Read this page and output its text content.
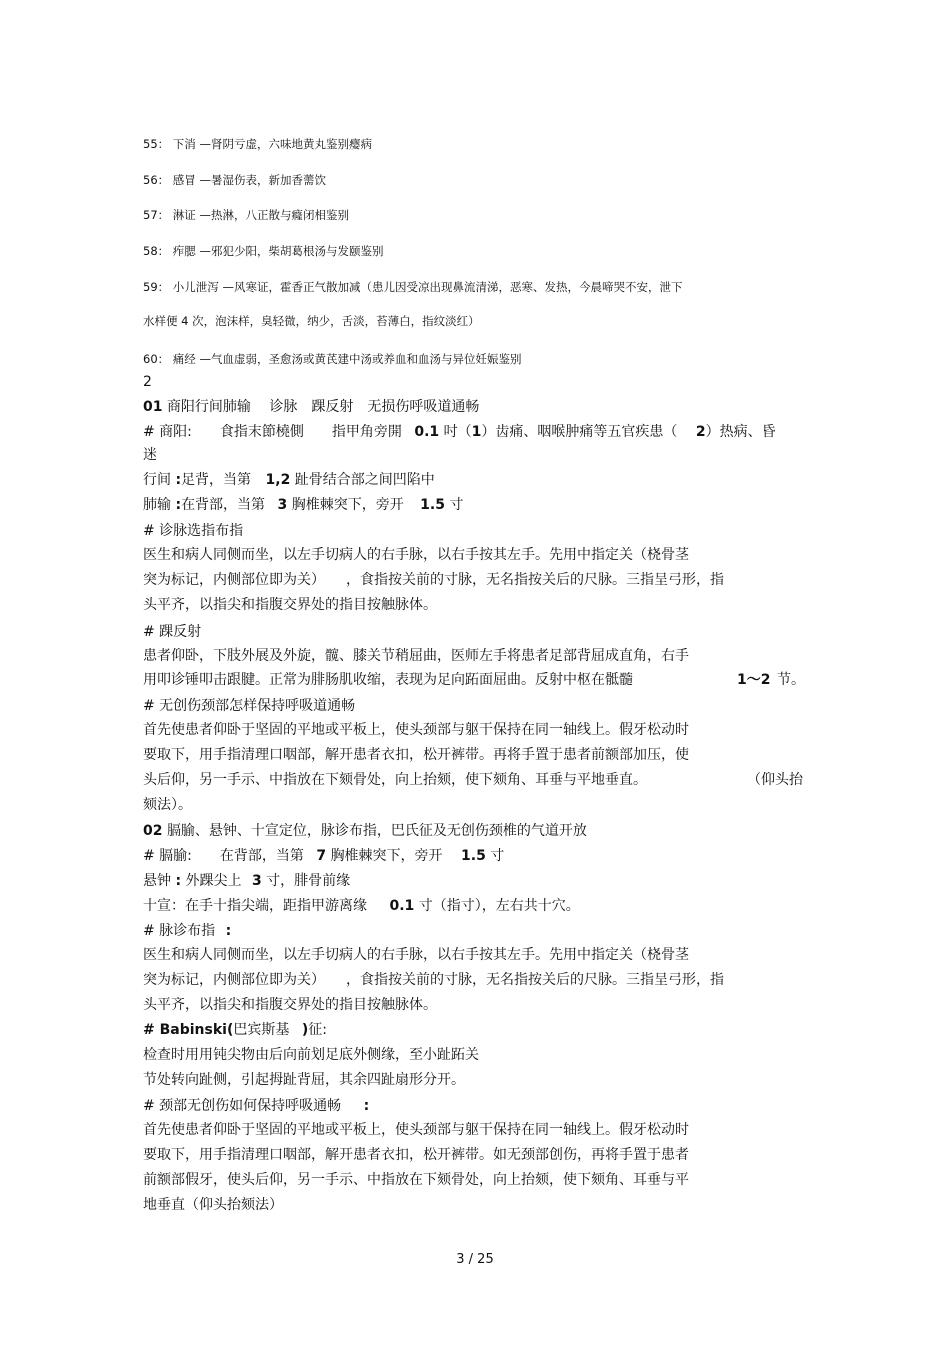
55： 下消 —肾阴亏虚，六味地黄丸鉴别瘿病
56： 感冒 —暑湿伤表，新加香薷饮
57： 淋证 —热淋，八正散与癃闭相鉴别
58： 痄腮 —邪犯少阳，柴胡葛根汤与发颐鉴别
59： 小儿泄泻 —风寒证，霍香正气散加减（患儿因受凉出现鼻流清涕，恶寒、发热，今晨啼哭不安，泄下
水样便 4 次，泡沫样，臭轻微，纳少，舌淡，苔薄白，指纹淡红）
60： 痛经 —气血虚弱，圣愈汤或黄芪建中汤或养血和血汤与异位妊娠鉴别
2
01 商阳行间肺输　 诊脉　踝反射　无损伤呼吸道通畅
# 商阳:　　食指末節橈側　　指甲角旁開 0.1 吋（1）齿痛、咽喉肿痛等五官疾患（ 2）热病、昏
迷
行间 :足背，当第 1,2 趾骨结合部之间凹陷中
肺输 :在背部，当第 3 胸椎棘突下，旁开 1.5 寸
# 诊脉选指布指
医生和病人同侧而坐，以左手切病人的右手脉，以右手按其左手。先用中指定关（桡骨茎
突为标记，内侧部位即为关）　　，食指按关前的寸脉，无名指按关后的尺脉。三指呈弓形，指
头平齐，以指尖和指腹交界处的指目按触脉体。
# 踝反射
患者仰卧，下肢外展及外旋，髋、膝关节稍屈曲，医师左手将患者足部背屈成直角，右手
用叩诊锤叩击跟腱。正常为腓肠肌收缩，表现为足向跖面屈曲。反射中枢在骶髓	1～2 节。
# 无创伤颈部怎样保持呼吸道通畅
首先使患者仰卧于坚固的平地或平板上，使头颈部与躯干保持在同一轴线上。假牙松动时
要取下，用手指清理口咽部，解开患者衣扣，松开裤带。再将手置于患者前额部加压，使
头后仰，另一手示、中指放在下颏骨处，向上抬颏，使下颏角、耳垂与平地垂直。	（仰头抬
颏法）。
02 膈腧、悬钟、十宣定位，脉诊布指，巴氏征及无创伤颈椎的气道开放
# 膈腧:　　在背部，当第 7 胸椎棘突下，旁开 1.5 寸
悬钟 : 外踝尖上 3 寸，腓骨前缘
十宣：在手十指尖端，距指甲游离缘 0.1 寸（指寸），左右共十穴。
# 脉诊布指 :
医生和病人同侧而坐，以左手切病人的右手脉，以右手按其左手。先用中指定关（桡骨茎
突为标记，内侧部位即为关）　　，食指按关前的寸脉，无名指按关后的尺脉。三指呈弓形，指
头平齐，以指尖和指腹交界处的指目按触脉体。
# Babinski(巴宾斯基 )征:
检查时用用钝尖物由后向前划足底外侧缘，至小趾跖关
节处转向趾侧，引起拇趾背屈，其余四趾扇形分开。
# 颈部无创伤如何保持呼吸通畅 :
首先使患者仰卧于坚固的平地或平板上，使头颈部与躯干保持在同一轴线上。假牙松动时
要取下，用手指清理口咽部，解开患者衣扣，松开裤带。如无颈部创伤，再将手置于患者
前额部假牙，使头后仰，另一手示、中指放在下颏骨处，向上抬颏，使下颏角、耳垂与平
地垂直（仰头抬颏法）
3 / 25
